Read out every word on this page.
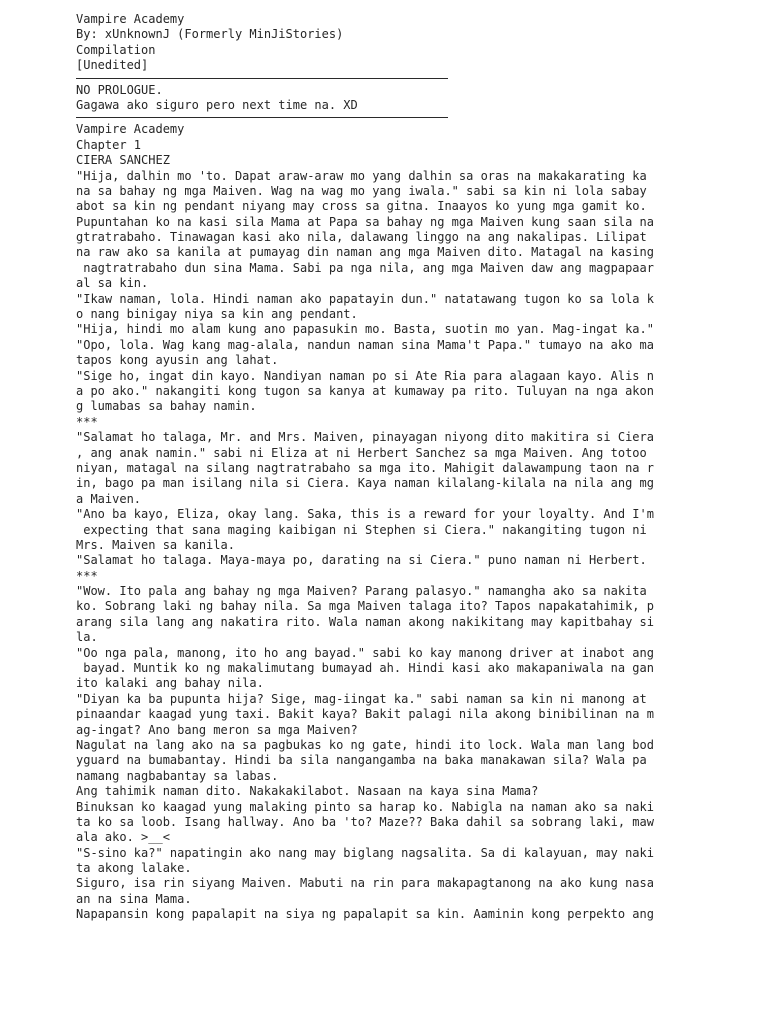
Vampire Academy
By: xUnknownJ (Formerly MinJiStories)
Compilation
[Unedited]
NO PROLOGUE.
Gagawa ako siguro pero next time na. XD
Vampire Academy
Chapter 1
CIERA SANCHEZ
"Hija, dalhin mo 'to. Dapat araw-araw mo yang dalhin sa oras na makakarating ka
na sa bahay ng mga Maiven. Wag na wag mo yang iwala." sabi sa kin ni lola sabay
abot sa kin ng pendant niyang may cross sa gitna. Inaayos ko yung mga gamit ko.
Pupuntahan ko na kasi sila Mama at Papa sa bahay ng mga Maiven kung saan sila na
gtratrabaho. Tinawagan kasi ako nila, dalawang linggo na ang nakalipas. Lilipat
na raw ako sa kanila at pumayag din naman ang mga Maiven dito. Matagal na kasing
nagtratrabaho dun sina Mama. Sabi pa nga nila, ang mga Maiven daw ang magpapaar
al sa kin.
"Ikaw naman, lola. Hindi naman ako papatayin dun." natatawang tugon ko sa lola k
o nang binigay niya sa kin ang pendant.
"Hija, hindi mo alam kung ano papasukin mo. Basta, suotin mo yan. Mag-ingat ka."
"Opo, lola. Wag kang mag-alala, nandun naman sina Mama't Papa." tumayo na ako ma
tapos kong ayusin ang lahat.
"Sige ho, ingat din kayo. Nandiyan naman po si Ate Ria para alagaan kayo. Alis n
a po ako." nakangiti kong tugon sa kanya at kumaway pa rito. Tuluyan na nga akon
g lumabas sa bahay namin.
***
"Salamat ho talaga, Mr. and Mrs. Maiven, pinayagan niyong dito makitira si Ciera
, ang anak namin." sabi ni Eliza at ni Herbert Sanchez sa mga Maiven. Ang totoo
niyan, matagal na silang nagtratrabaho sa mga ito. Mahigit dalawampung taon na r
in, bago pa man isilang nila si Ciera. Kaya naman kilalang-kilala na nila ang mg
a Maiven.
"Ano ba kayo, Eliza, okay lang. Saka, this is a reward for your loyalty. And I'm
expecting that sana maging kaibigan ni Stephen si Ciera." nakangiting tugon ni
Mrs. Maiven sa kanila.
"Salamat ho talaga. Maya-maya po, darating na si Ciera." puno naman ni Herbert.
***
"Wow. Ito pala ang bahay ng mga Maiven? Parang palasyo." namangha ako sa nakita
ko. Sobrang laki ng bahay nila. Sa mga Maiven talaga ito? Tapos napakatahimik, p
arang sila lang ang nakatira rito. Wala naman akong nakikitang may kapitbahay si
la.
"Oo nga pala, manong, ito ho ang bayad." sabi ko kay manong driver at inabot ang
bayad. Muntik ko ng makalimutang bumayad ah. Hindi kasi ako makapaniwala na gan
ito kalaki ang bahay nila.
"Diyan ka ba pupunta hija? Sige, mag-iingat ka." sabi naman sa kin ni manong at
pinaandar kaagad yung taxi. Bakit kaya? Bakit palagi nila akong binibilinan na m
ag-ingat? Ano bang meron sa mga Maiven?
Nagulat na lang ako na sa pagbukas ko ng gate, hindi ito lock. Wala man lang bod
yguard na bumabantay. Hindi ba sila nangangamba na baka manakawan sila? Wala pa
namang nagbabantay sa labas.
Ang tahimik naman dito. Nakakakilabot. Nasaan na kaya sina Mama?
Binuksan ko kaagad yung malaking pinto sa harap ko. Nabigla na naman ako sa naki
ta ko sa loob. Isang hallway. Ano ba 'to? Maze?? Baka dahil sa sobrang laki, maw
ala ako. >__<
"S-sino ka?" napatingin ako nang may biglang nagsalita. Sa di kalayuan, may naki
ta akong lalake.
Siguro, isa rin siyang Maiven. Mabuti na rin para makapagtanong na ako kung nasa
an na sina Mama.
Napapansin kong papalapit na siya ng papalapit sa kin. Aaminin kong perpekto ang
